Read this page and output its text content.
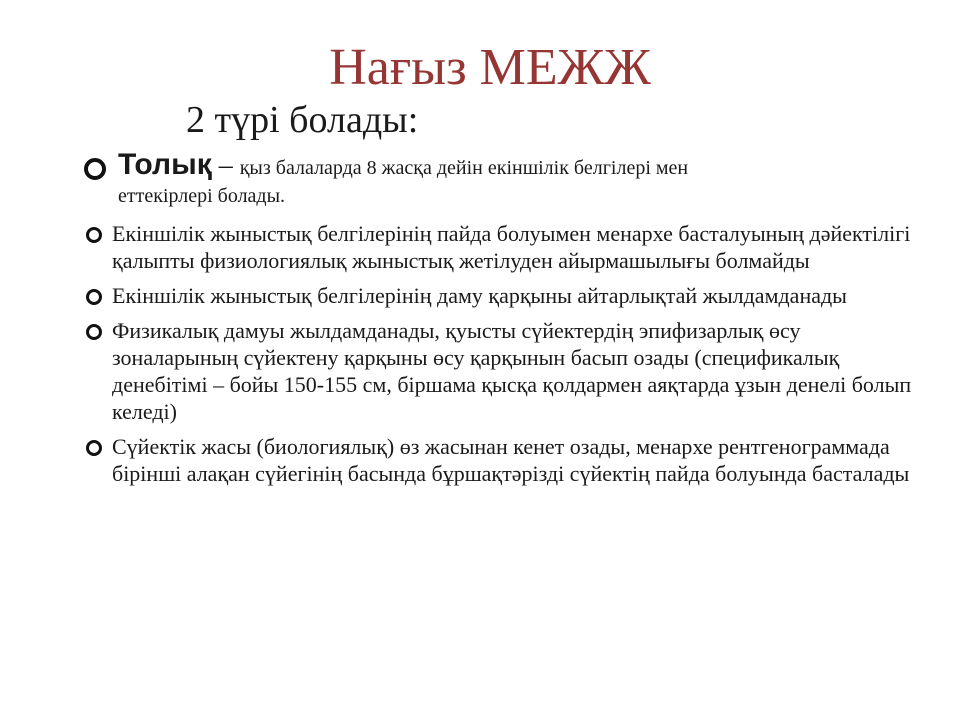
Нағыз МЕЖЖ
2 түрі болады:
Толық – қыз балаларда 8 жасқа дейін екіншілік белгілері мен
еттекірлері болады.
Екіншілік жыныстық белгілерінің пайда болуымен менархе басталуының дәйектілігі қалыпты физиологиялық жыныстық жетілуден айырмашылығы болмайды
Екіншілік жыныстық белгілерінің даму қарқыны айтарлықтай жылдамданады
Физикалық дамуы жылдамданады, қуысты сүйектердің эпифизарлық өсу зоналарының сүйектену қарқыны өсу қарқынын басып озады (спецификалық денебітімі – бойы 150-155 см, біршама қысқа қолдармен аяқтарда ұзын денелі болып келеді)
Сүйектік жасы (биологиялық) өз жасынан кенет озады, менархе рентгенограммада бірінші алақан сүйегінің басында бұршақтәрізді сүйектің пайда болуында басталады
